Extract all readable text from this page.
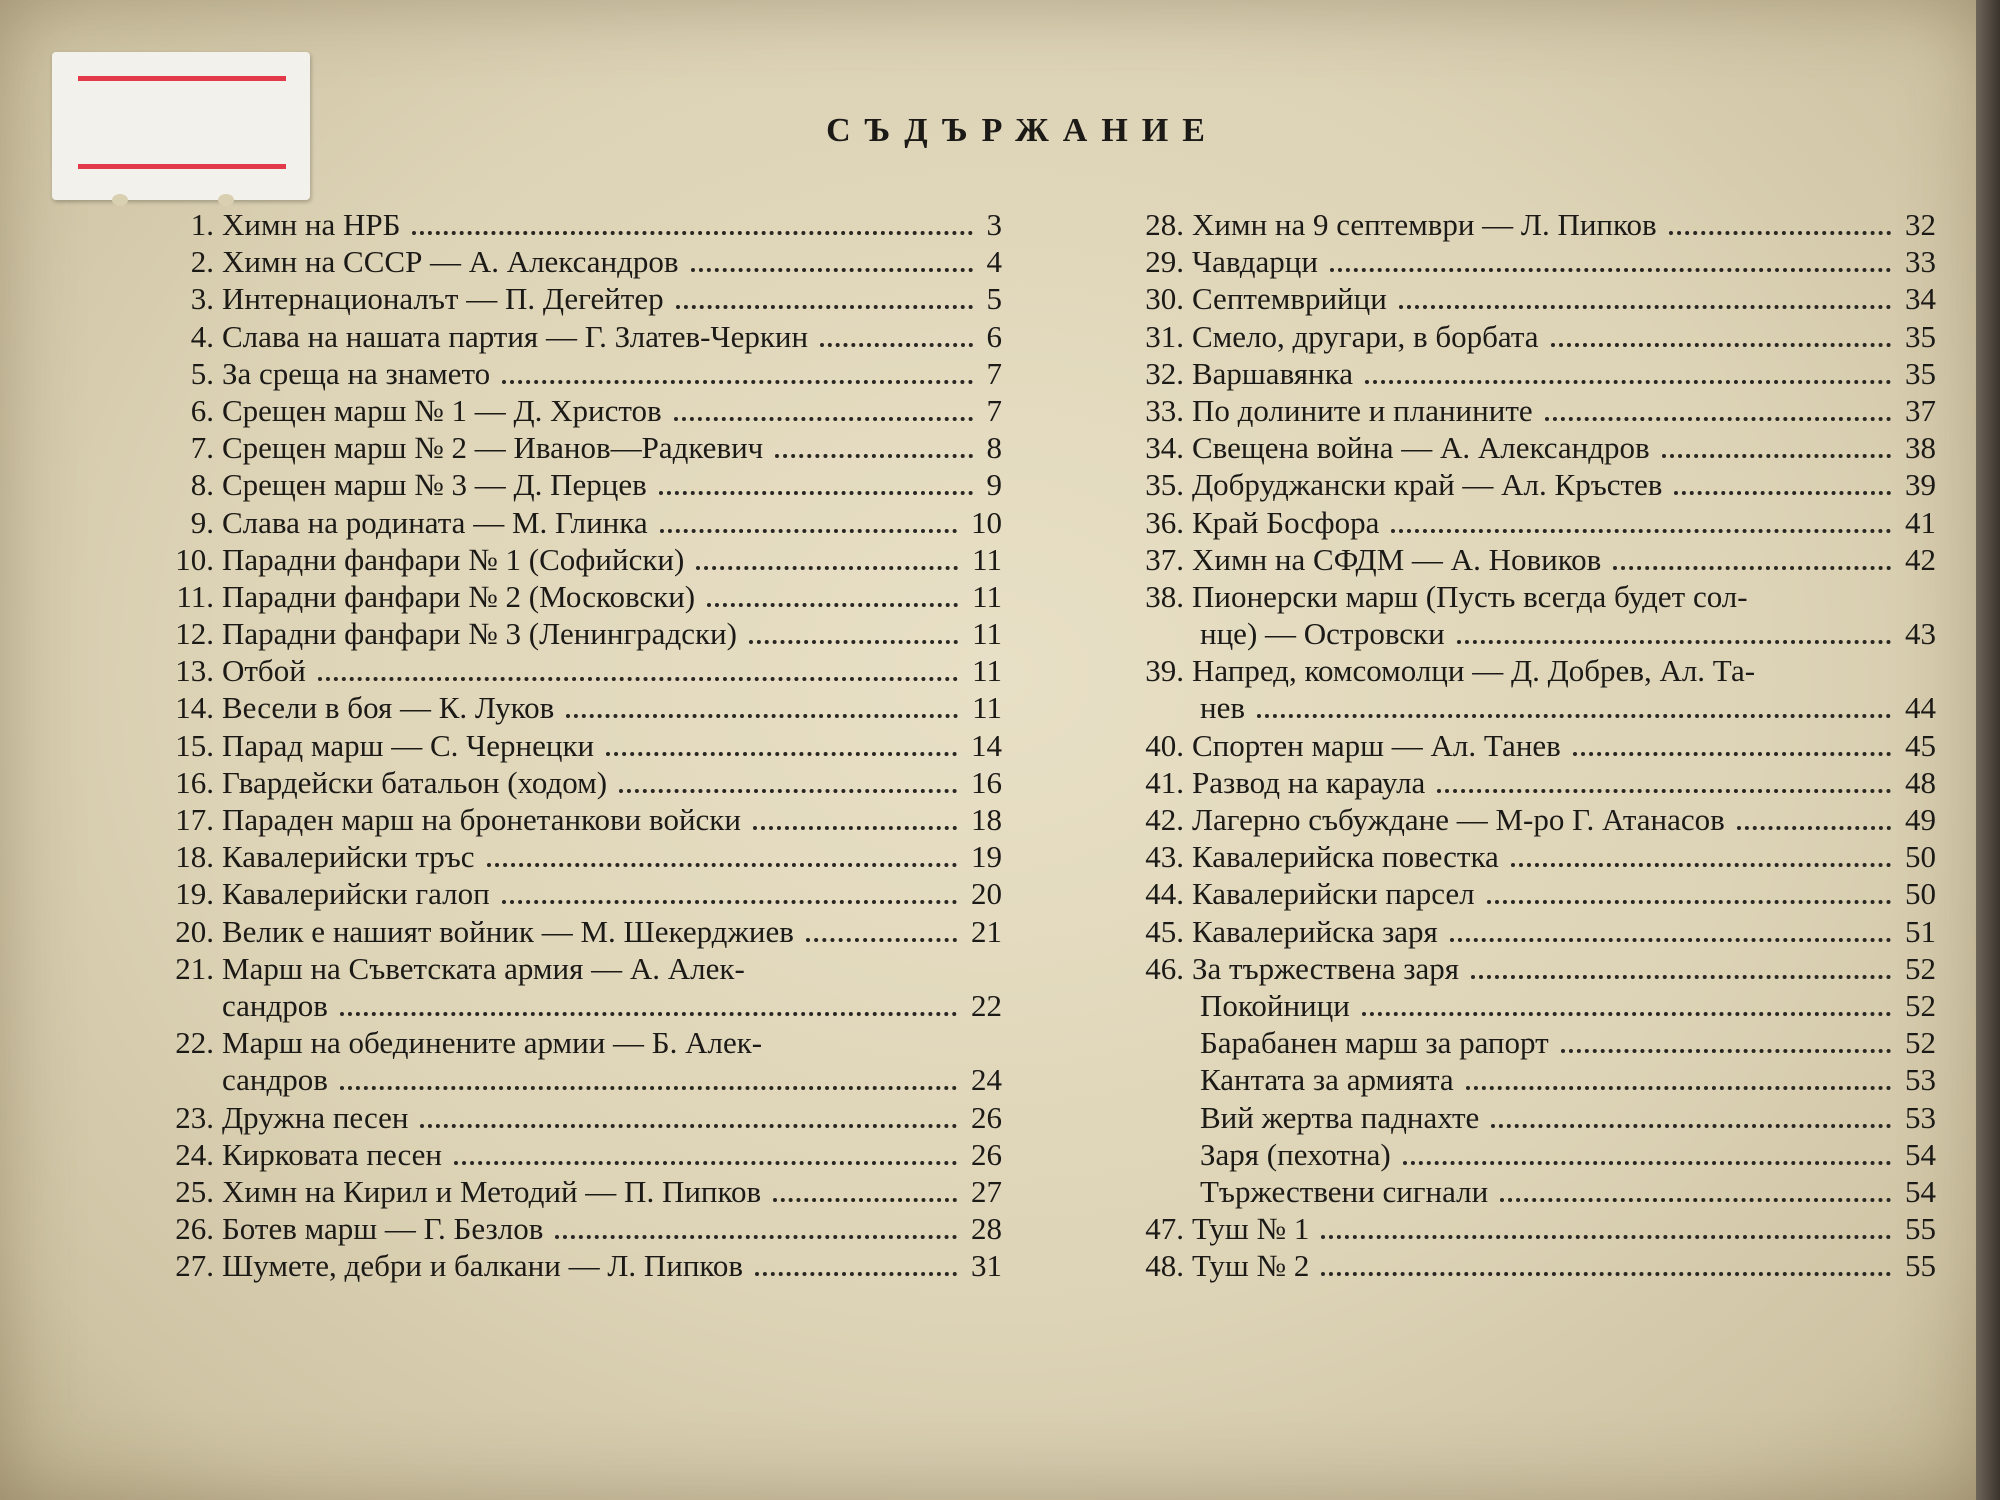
СЪДЪРЖАНИЕ
1. Химн на НРБ	3
2. Химн на СССР — А. Александров	4
3. Интернационалът — П. Дегейтер	5
4. Слава на нашата партия — Г. Златев-Черкин	6
5. За среща на знамето	7
6. Срещен марш № 1 — Д. Христов	7
7. Срещен марш № 2 — Иванов—Радкевич	8
8. Срещен марш № 3 — Д. Перцев	9
9. Слава на родината — М. Глинка	10
10. Парадни фанфари № 1 (Софийски)	11
11. Парадни фанфари № 2 (Московски)	11
12. Парадни фанфари № 3 (Ленинградски)	11
13. Отбой	11
14. Весели в боя — К. Луков	11
15. Парад марш — С. Чернецки	14
16. Гвардейски батальон (ходом)	16
17. Параден марш на бронетанкови войски	18
18. Кавалерийски тръс	19
19. Кавалерийски галоп	20
20. Велик е нашият войник — М. Шекерджиев	21
21. Марш на Съветската армия — А. Алек-
сандров	22
22. Марш на обединените армии — Б. Алек-
сандров	24
23. Дружна песен	26
24. Кирковата песен	26
25. Химн на Кирил и Методий — П. Пипков	27
26. Ботев марш — Г. Безлов	28
27. Шумете, дебри и балкани — Л. Пипков	31
28. Химн на 9 септември — Л. Пипков	32
29. Чавдарци	33
30. Септемврийци	34
31. Смело, другари, в борбата	35
32. Варшавянка	35
33. По долините и планините	37
34. Свещена война — А. Александров	38
35. Добруджански край — Ал. Кръстев	39
36. Край Босфора	41
37. Химн на СФДМ — А. Новиков	42
38. Пионерски марш (Пусть всегда будет сол-
нце) — Островски	43
39. Напред, комсомолци — Д. Добрев, Ал. Та-
нев	44
40. Спортен марш — Ал. Танев	45
41. Развод на караула	48
42. Лагерно събуждане — М-ро Г. Атанасов	49
43. Кавалерийска повестка	50
44. Кавалерийски парсел	50
45. Кавалерийска заря	51
46. За тържествена заря	52
Покойници	52
Барабанен марш за рапорт	52
Кантата за армията	53
Вий жертва паднахте	53
Заря (пехотна)	54
Тържествени сигнали	54
47. Туш № 1	55
48. Туш № 2	55
